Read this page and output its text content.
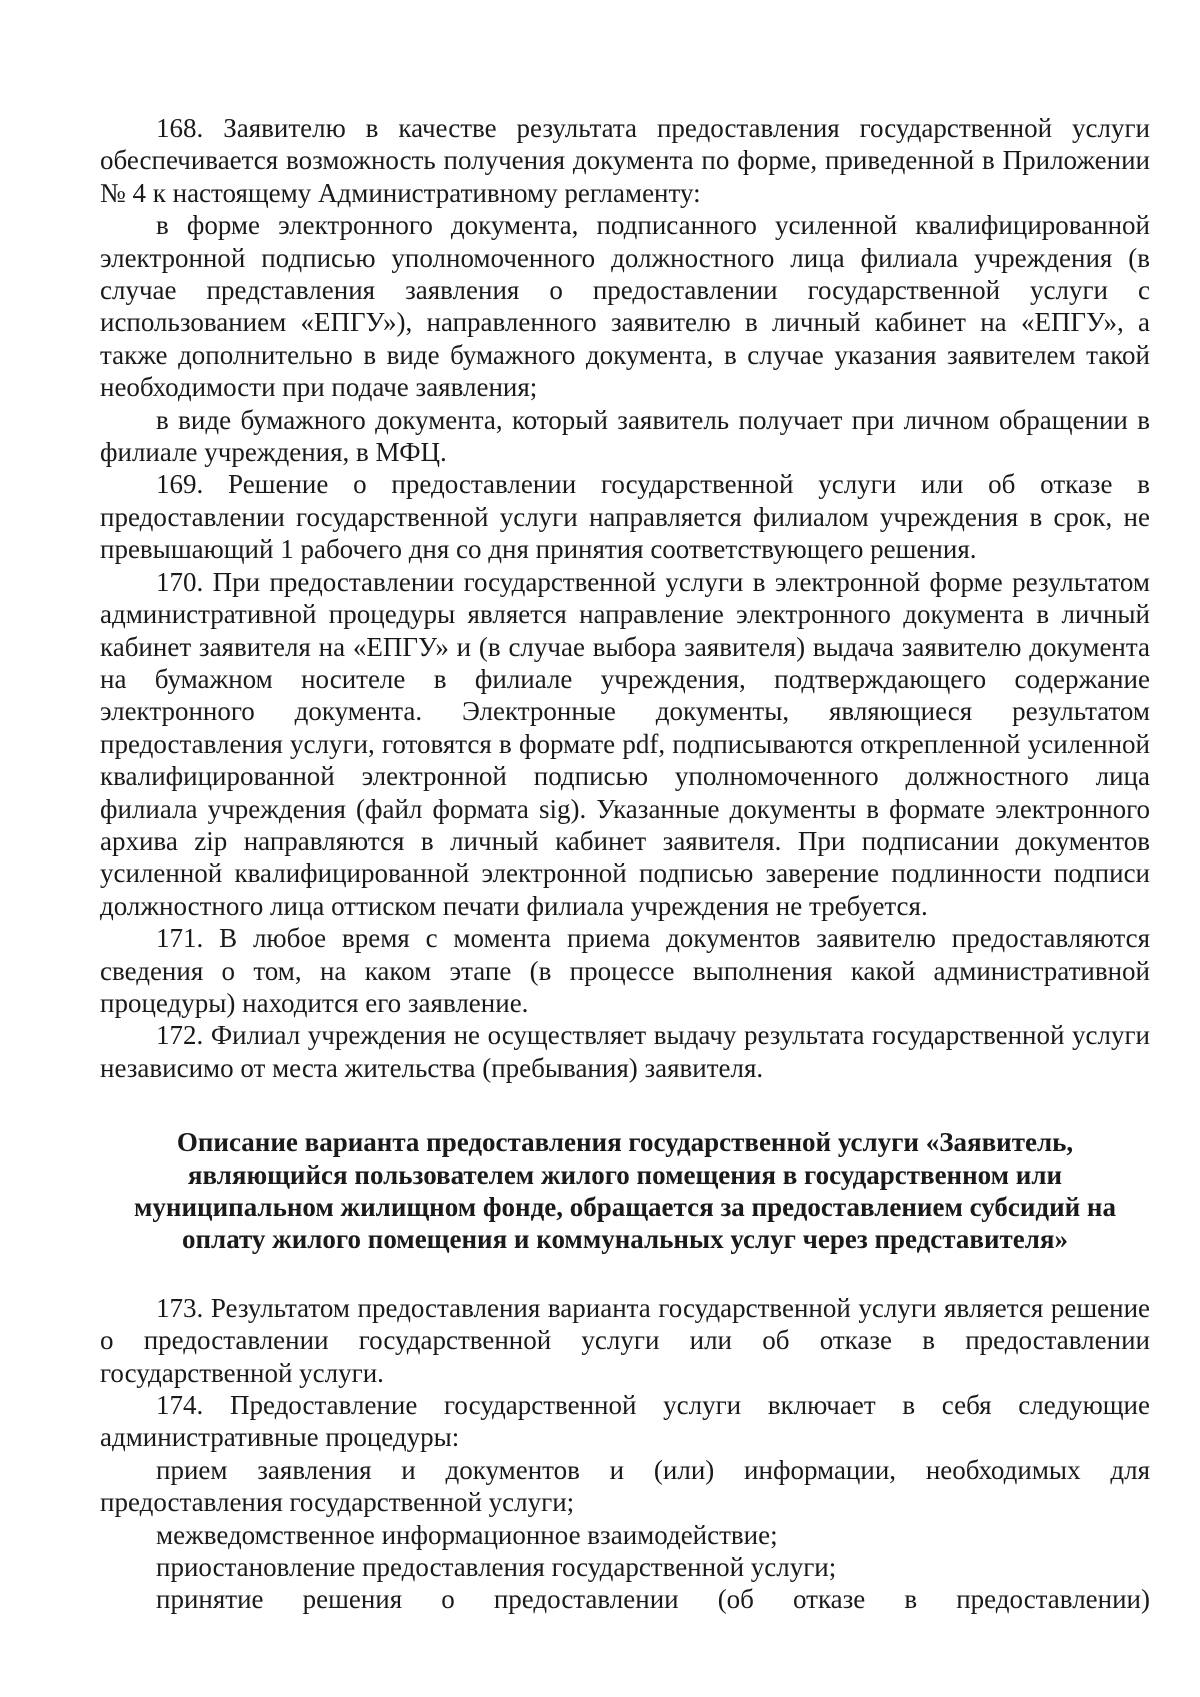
168. Заявителю в качестве результата предоставления государственной услуги обеспечивается возможность получения документа по форме, приведенной в Приложении № 4 к настоящему Административному регламенту:

в форме электронного документа, подписанного усиленной квалифицированной электронной подписью уполномоченного должностного лица филиала учреждения (в случае представления заявления о предоставлении государственной услуги с использованием «ЕПГУ»), направленного заявителю в личный кабинет на «ЕПГУ», а также дополнительно в виде бумажного документа, в случае указания заявителем такой необходимости при подаче заявления;

в виде бумажного документа, который заявитель получает при личном обращении в филиале учреждения, в МФЦ.

169. Решение о предоставлении государственной услуги или об отказе в предоставлении государственной услуги направляется филиалом учреждения в срок, не превышающий 1 рабочего дня со дня принятия соответствующего решения.

170. При предоставлении государственной услуги в электронной форме результатом административной процедуры является направление электронного документа в личный кабинет заявителя на «ЕПГУ» и (в случае выбора заявителя) выдача заявителю документа на бумажном носителе в филиале учреждения, подтверждающего содержание электронного документа. Электронные документы, являющиеся результатом предоставления услуги, готовятся в формате pdf, подписываются открепленной усиленной квалифицированной электронной подписью уполномоченного должностного лица филиала учреждения (файл формата sig). Указанные документы в формате электронного архива zip направляются в личный кабинет заявителя. При подписании документов усиленной квалифицированной электронной подписью заверение подлинности подписи должностного лица оттиском печати филиала учреждения не требуется.

171. В любое время с момента приема документов заявителю предоставляются сведения о том, на каком этапе (в процессе выполнения какой административной процедуры) находится его заявление.

172. Филиал учреждения не осуществляет выдачу результата государственной услуги независимо от места жительства (пребывания) заявителя.

Описание варианта предоставления государственной услуги «Заявитель,
являющийся пользователем жилого помещения в государственном или
муниципальном жилищном фонде, обращается за предоставлением субсидий на
оплату жилого помещения и коммунальных услуг через представителя»

173. Результатом предоставления варианта государственной услуги является решение о предоставлении государственной услуги или об отказе в предоставлении государственной услуги.

174. Предоставление государственной услуги включает в себя следующие административные процедуры:

прием заявления и документов и (или) информации, необходимых для предоставления государственной услуги;

межведомственное информационное взаимодействие;

приостановление предоставления государственной услуги;

принятие решения о предоставлении (об отказе в предоставлении)
